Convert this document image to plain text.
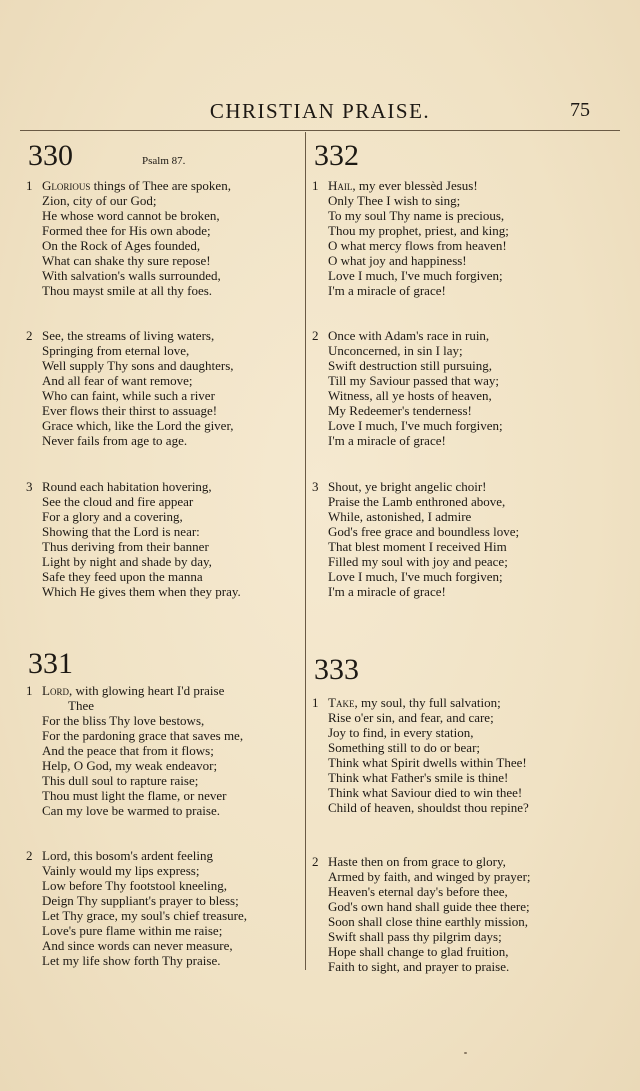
CHRISTIAN PRAISE.	75
330	Psalm 87.
1 Glorious things of Thee are spoken,
Zion, city of our God;
He whose word cannot be broken,
Formed thee for His own abode;
On the Rock of Ages founded,
What can shake thy sure repose!
With salvation's walls surrounded,
Thou mayst smile at all thy foes.
2 See, the streams of living waters,
Springing from eternal love,
Well supply Thy sons and daughters,
And all fear of want remove;
Who can faint, while such a river
Ever flows their thirst to assuage!
Grace which, like the Lord the giver,
Never fails from age to age.
3 Round each habitation hovering,
See the cloud and fire appear
For a glory and a covering,
Showing that the Lord is near:
Thus deriving from their banner
Light by night and shade by day,
Safe they feed upon the manna
Which He gives them when they pray.
331
1 Lord, with glowing heart I'd praise
Thee
For the bliss Thy love bestows,
For the pardoning grace that saves me,
And the peace that from it flows;
Help, O God, my weak endeavor;
This dull soul to rapture raise;
Thou must light the flame, or never
Can my love be warmed to praise.
2 Lord, this bosom's ardent feeling
Vainly would my lips express;
Low before Thy footstool kneeling,
Deign Thy suppliant's prayer to bless;
Let Thy grace, my soul's chief treasure,
Love's pure flame within me raise;
And since words can never measure,
Let my life show forth Thy praise.
332
1 Hail, my ever blessèd Jesus!
Only Thee I wish to sing;
To my soul Thy name is precious,
Thou my prophet, priest, and king;
O what mercy flows from heaven!
O what joy and happiness!
Love I much, I've much forgiven;
I'm a miracle of grace!
2 Once with Adam's race in ruin,
Unconcerned, in sin I lay;
Swift destruction still pursuing,
Till my Saviour passed that way;
Witness, all ye hosts of heaven,
My Redeemer's tenderness!
Love I much, I've much forgiven;
I'm a miracle of grace!
3 Shout, ye bright angelic choir!
Praise the Lamb enthroned above,
While, astonished, I admire
God's free grace and boundless love;
That blest moment I received Him
Filled my soul with joy and peace;
Love I much, I've much forgiven;
I'm a miracle of grace!
333
1 Take, my soul, thy full salvation;
Rise o'er sin, and fear, and care;
Joy to find, in every station,
Something still to do or bear;
Think what Spirit dwells within Thee!
Think what Father's smile is thine!
Think what Saviour died to win thee!
Child of heaven, shouldst thou repine?
2 Haste then on from grace to glory,
Armed by faith, and winged by prayer;
Heaven's eternal day's before thee,
God's own hand shall guide thee there;
Soon shall close thine earthly mission,
Swift shall pass thy pilgrim days;
Hope shall change to glad fruition,
Faith to sight, and prayer to praise.
